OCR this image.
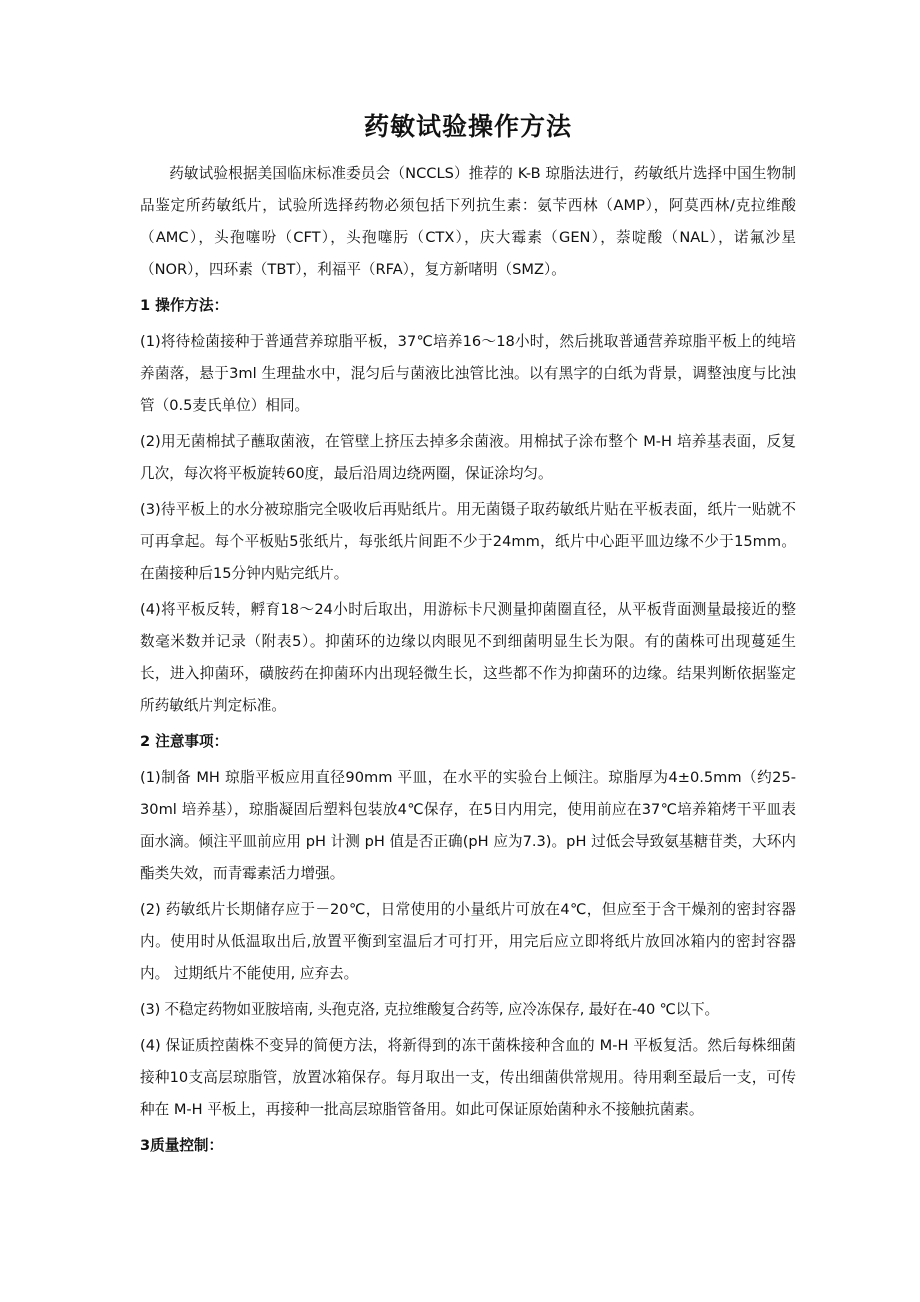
药敏试验操作方法

药敏试验根据美国临床标准委员会（NCCLS）推荐的 K-B 琼脂法进行，药敏纸片选择中国生物制品鉴定所药敏纸片，试验所选择药物必须包括下列抗生素：氨苄西林（AMP），阿莫西林/克拉维酸（AMC），头孢噻吩（CFT），头孢噻肟（CTX），庆大霉素（GEN），萘啶酸（NAL），诺氟沙星（NOR），四环素（TBT），利福平（RFA），复方新啫明（SMZ）。

1 操作方法：

(1)将待检菌接种于普通营养琼脂平板，37℃培养16～18小时，然后挑取普通营养琼脂平板上的纯培养菌落，悬于3ml 生理盐水中，混匀后与菌液比浊管比浊。以有黑字的白纸为背景，调整浊度与比浊管（0.5麦氏单位）相同。

(2)用无菌棉拭子蘸取菌液，在管壁上挤压去掉多余菌液。用棉拭子涂布整个 M-H 培养基表面，反复几次，每次将平板旋转60度，最后沿周边绕两圈，保证涂均匀。

(3)待平板上的水分被琼脂完全吸收后再贴纸片。用无菌镊子取药敏纸片贴在平板表面，纸片一贴就不可再拿起。每个平板贴5张纸片，每张纸片间距不少于24mm，纸片中心距平皿边缘不少于15mm。在菌接种后15分钟内贴完纸片。

(4)将平板反转，孵育18～24小时后取出，用游标卡尺测量抑菌圈直径，从平板背面测量最接近的整数毫米数并记录（附表5）。抑菌环的边缘以肉眼见不到细菌明显生长为限。有的菌株可出现蔓延生长，进入抑菌环，磺胺药在抑菌环内出现轻微生长，这些都不作为抑菌环的边缘。结果判断依据鉴定所药敏纸片判定标准。

2 注意事项：

(1)制备 MH 琼脂平板应用直径90mm 平皿，在水平的实验台上倾注。琼脂厚为4±0.5mm（约25-30ml 培养基），琼脂凝固后塑料包装放4℃保存，在5日内用完，使用前应在37℃培养箱烤干平皿表面水滴。倾注平皿前应用 pH 计测 pH 值是否正确(pH 应为7.3)。pH 过低会导致氨基糖苷类，大环内酯类失效，而青霉素活力增强。

(2) 药敏纸片长期储存应于－20℃，日常使用的小量纸片可放在4℃，但应至于含干燥剂的密封容器内。使用时从低温取出后,放置平衡到室温后才可打开，用完后应立即将纸片放回冰箱内的密封容器内。 过期纸片不能使用, 应弃去。

(3) 不稳定药物如亚胺培南, 头孢克洛, 克拉维酸复合药等, 应冷冻保存, 最好在-40 ℃以下。

(4) 保证质控菌株不变异的简便方法，将新得到的冻干菌株接种含血的 M-H 平板复活。然后每株细菌接种10支高层琼脂管，放置冰箱保存。每月取出一支，传出细菌供常规用。待用剩至最后一支，可传种在 M-H 平板上，再接种一批高层琼脂管备用。如此可保证原始菌种永不接触抗菌素。

3质量控制：
